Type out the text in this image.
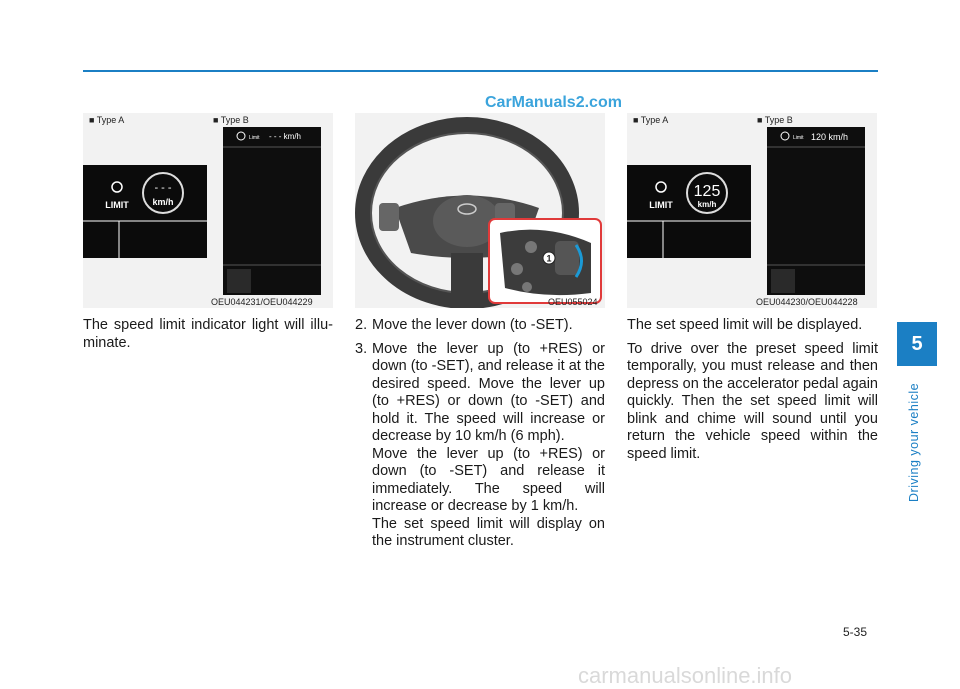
CarManuals2.com
- - -
km/h
LIMIT
Limit - - - km/h
■ Type A	■ Type B
OEU044231/OEU044229
1
OEU055024
125
km/h
LIMIT
Limit 120 km/h
■ Type A	■ Type B
OEU044230/OEU044228

The speed limit indicator light will illu-minate.

2. Move the lever down (to -SET).
3. Move the lever up (to +RES) or down (to -SET), and release it at the desired speed. Move the lever up (to +RES) or down (to -SET) and hold it. The speed will increase or decrease by 10 km/h (6 mph).

Move the lever up (to +RES) or down (to -SET) and release it immediately. The speed will increase or decrease by 1 km/h.

The set speed limit will display on the instrument cluster.

The set speed limit will be displayed.

To drive over the preset speed limit temporally, you must release and then depress on the accelerator pedal again quickly. Then the set speed limit will blink and chime will sound until you return the vehicle speed within the speed limit.

5
Driving your vehicle
5-35
carmanualsonline.info
